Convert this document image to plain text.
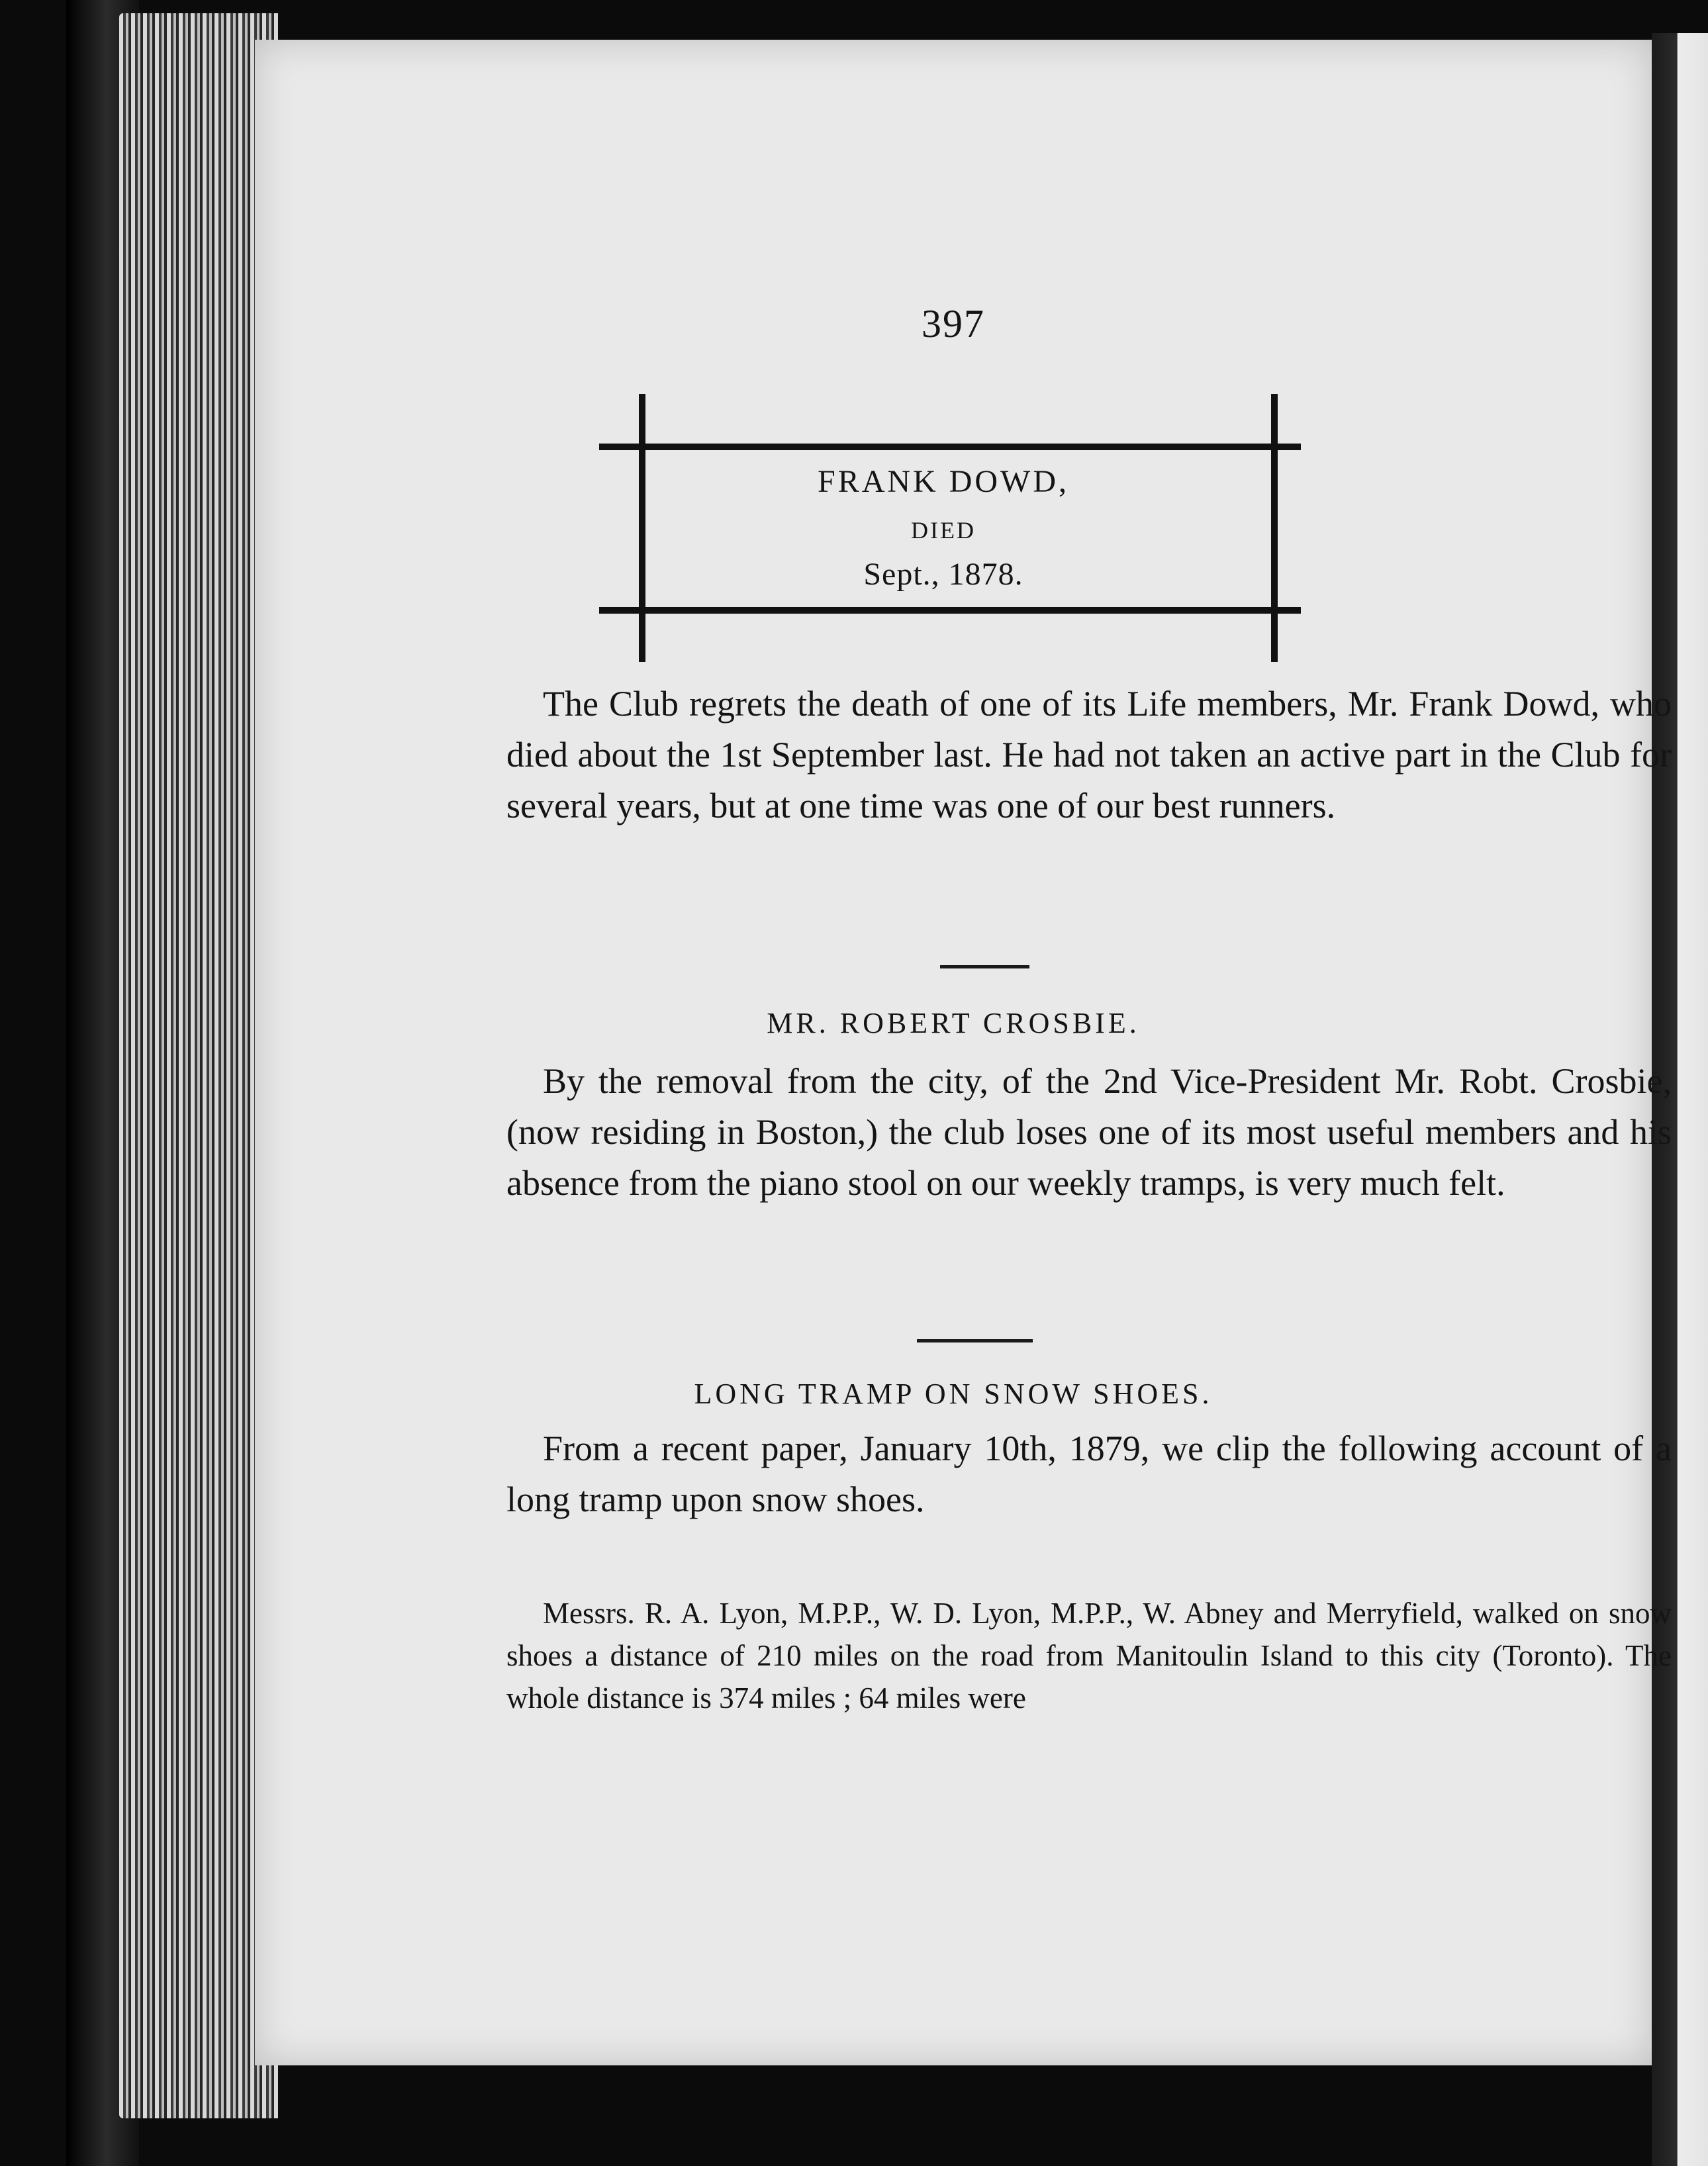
397
FRANK DOWD,
DIED
Sept., 1878.

The Club regrets the death of one of its Life members, Mr. Frank Dowd, who died about the 1st September last. He had not taken an active part in the Club for several years, but at one time was one of our best runners.

MR. ROBERT CROSBIE.

By the removal from the city, of the 2nd Vice-President Mr. Robt. Crosbie, (now residing in Boston,) the club loses one of its most useful members and his absence from the piano stool on our weekly tramps, is very much felt.

LONG TRAMP ON SNOW SHOES.

From a recent paper, January 10th, 1879, we clip the following account of a long tramp upon snow shoes.

Messrs. R. A. Lyon, M.P.P., W. D. Lyon, M.P.P., W. Abney and Merryfield, walked on snow shoes a distance of 210 miles on the road from Manitoulin Island to this city (Toronto). The whole distance is 374 miles ; 64 miles were
